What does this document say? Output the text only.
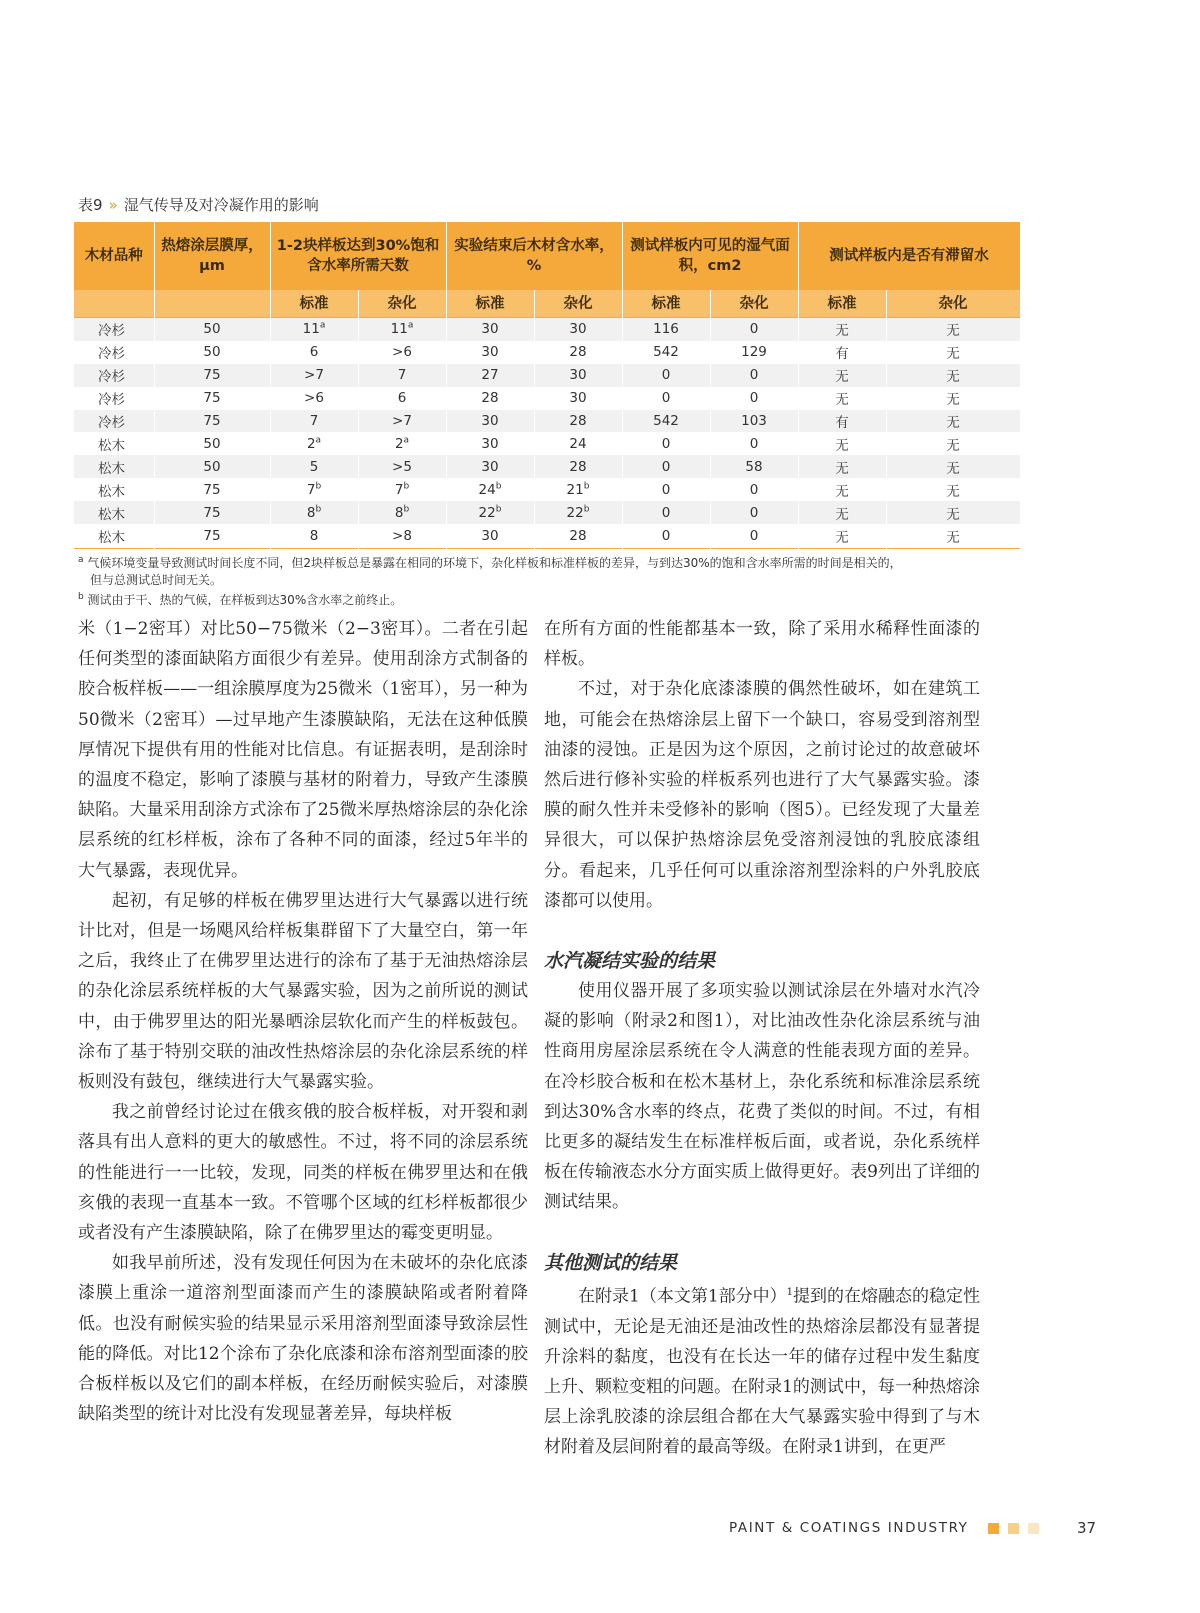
表9 » 湿气传导及对冷凝作用的影响
木材品种	热熔涂层膜厚，μm	1-2块样板达到30%饱和含水率所需天数		实验结束后木材含水率，%		测试样板内可见的湿气面积，cm2		测试样板内是否有滞留水	
		标准	杂化	标准	杂化	标准	杂化	标准	杂化
冷杉	50	11$^a$	11$^a$	30	30	116	0	无	无
冷杉	50	6	>6	30	28	542	129	有	无
冷杉	75	>7	7	27	30	0	0	无	无
冷杉	75	>6	6	28	30	0	0	无	无
冷杉	75	7	>7	30	28	542	103	有	无
松木	50	2$^a$	2$^a$	30	24	0	0	无	无
松木	50	5	>5	30	28	0	58	无	无
松木	75	7$^b$	7$^b$	24$^b$	21$^b$	0	0	无	无
松木	75	8$^b$	8$^b$	22$^b$	22$^b$	0	0	无	无
松木	75	8	>8	30	28	0	0	无	无

$^a$ 气候环境变量导致测试时间长度不同，但2块样板总是暴露在相同的环境下，杂化样板和标准样板的差异，与到达30%的饱和含水率所需的时间是相关的，

但与总测试总时间无关。

$^b$ 测试由于干、热的气候，在样板到达30%含水率之前终止。

米（1−2密耳）对比50−75微米（2−3密耳）。二者在引起任何类型的漆面缺陷方面很少有差异。使用刮涂方式制备的胶合板样板——一组涂膜厚度为25微米（1密耳），另一种为50微米（2密耳）—过早地产生漆膜缺陷，无法在这种低膜厚情况下提供有用的性能对比信息。有证据表明，是刮涂时的温度不稳定，影响了漆膜与基材的附着力，导致产生漆膜缺陷。大量采用刮涂方式涂布了25微米厚热熔涂层的杂化涂层系统的红杉样板，涂布了各种不同的面漆，经过5年半的大气暴露，表现优异。

起初，有足够的样板在佛罗里达进行大气暴露以进行统计比对，但是一场飓风给样板集群留下了大量空白，第一年之后，我终止了在佛罗里达进行的涂布了基于无油热熔涂层的杂化涂层系统样板的大气暴露实验，因为之前所说的测试中，由于佛罗里达的阳光暴晒涂层软化而产生的样板鼓包。涂布了基于特别交联的油改性热熔涂层的杂化涂层系统的样板则没有鼓包，继续进行大气暴露实验。

我之前曾经讨论过在俄亥俄的胶合板样板，对开裂和剥落具有出人意料的更大的敏感性。不过，将不同的涂层系统的性能进行一一比较，发现，同类的样板在佛罗里达和在俄亥俄的表现一直基本一致。不管哪个区域的红杉样板都很少或者没有产生漆膜缺陷，除了在佛罗里达的霉变更明显。

如我早前所述，没有发现任何因为在未破坏的杂化底漆漆膜上重涂一道溶剂型面漆而产生的漆膜缺陷或者附着降低。也没有耐候实验的结果显示采用溶剂型面漆导致涂层性能的降低。对比12个涂布了杂化底漆和涂布溶剂型面漆的胶合板样板以及它们的副本样板，在经历耐候实验后，对漆膜缺陷类型的统计对比没有发现显著差异，每块样板

在所有方面的性能都基本一致，除了采用水稀释性面漆的样板。

不过，对于杂化底漆漆膜的偶然性破坏，如在建筑工地，可能会在热熔涂层上留下一个缺口，容易受到溶剂型油漆的浸蚀。正是因为这个原因，之前讨论过的故意破坏然后进行修补实验的样板系列也进行了大气暴露实验。漆膜的耐久性并未受修补的影响（图5）。已经发现了大量差异很大，可以保护热熔涂层免受溶剂浸蚀的乳胶底漆组分。看起来，几乎任何可以重涂溶剂型涂料的户外乳胶底漆都可以使用。

水汽凝结实验的结果

使用仪器开展了多项实验以测试涂层在外墙对水汽冷凝的影响（附录2和图1），对比油改性杂化涂层系统与油性商用房屋涂层系统在令人满意的性能表现方面的差异。在冷杉胶合板和在松木基材上，杂化系统和标准涂层系统到达30%含水率的终点，花费了类似的时间。不过，有相比更多的凝结发生在标准样板后面，或者说，杂化系统样板在传输液态水分方面实质上做得更好。表9列出了详细的测试结果。

其他测试的结果

在附录1（本文第1部分中）$^1$提到的在熔融态的稳定性测试中，无论是无油还是油改性的热熔涂层都没有显著提升涂料的黏度，也没有在长达一年的储存过程中发生黏度上升、颗粒变粗的问题。在附录1的测试中，每一种热熔涂层上涂乳胶漆的涂层组合都在大气暴露实验中得到了与木材附着及层间附着的最高等级。在附录1讲到，在更严

PAINT & COATINGS INDUSTRY	37
